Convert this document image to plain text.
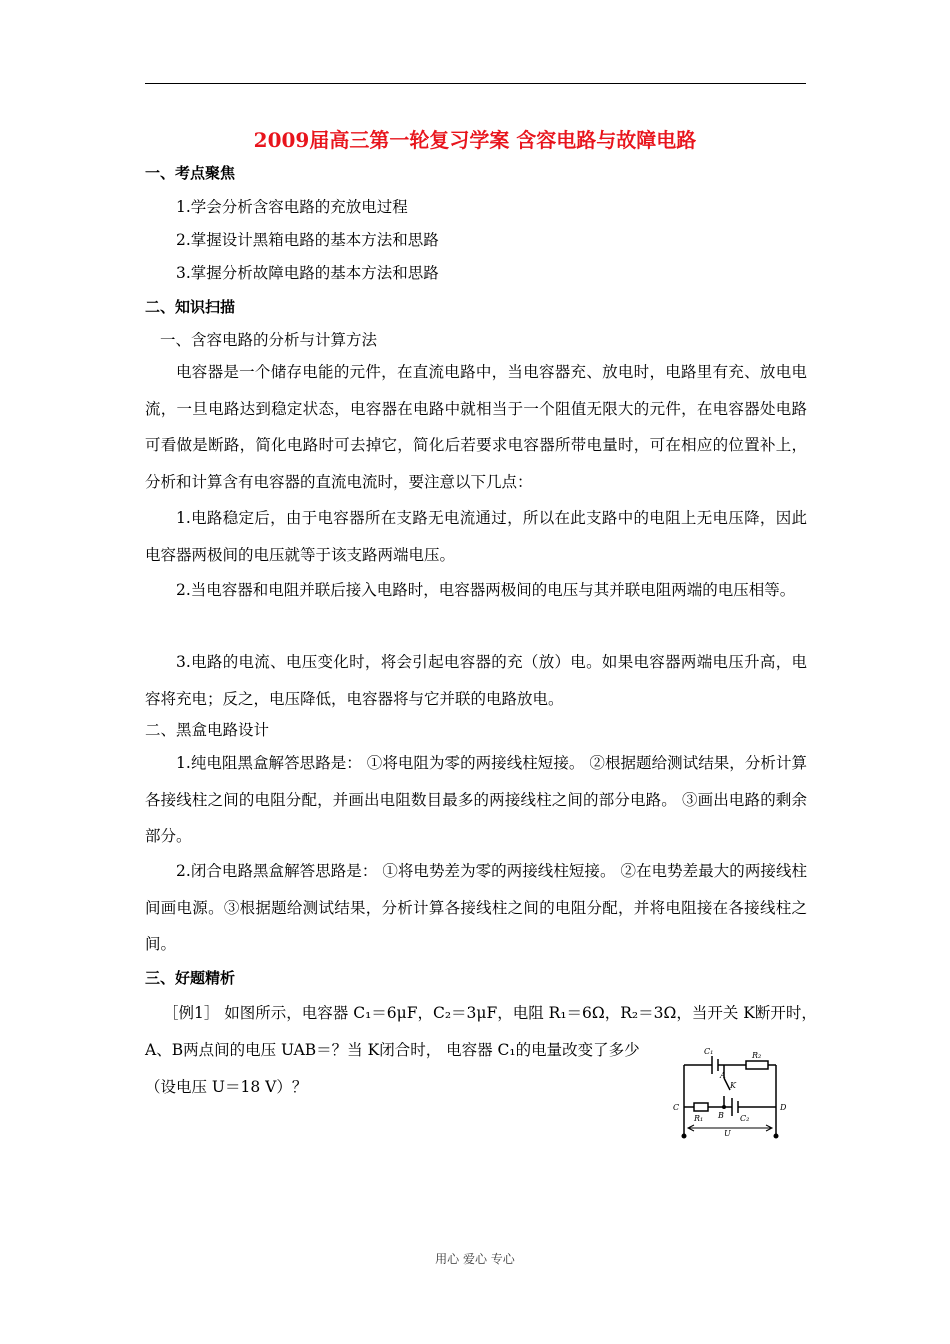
2009届高三第一轮复习学案 含容电路与故障电路
一、考点聚焦
1.学会分析含容电路的充放电过程
2.掌握设计黑箱电路的基本方法和思路
3.掌握分析故障电路的基本方法和思路
二、知识扫描
一、含容电路的分析与计算方法
电容器是一个储存电能的元件，在直流电路中，当电容器充、放电时，电路里有充、放电电流，一旦电路达到稳定状态，电容器在电路中就相当于一个阻值无限大的元件，在电容器处电路可看做是断路，简化电路时可去掉它，简化后若要求电容器所带电量时，可在相应的位置补上，分析和计算含有电容器的直流电流时，要注意以下几点：
1.电路稳定后，由于电容器所在支路无电流通过，所以在此支路中的电阻上无电压降，因此电容器两极间的电压就等于该支路两端电压。
2.当电容器和电阻并联后接入电路时，电容器两极间的电压与其并联电阻两端的电压相等。
3.电路的电流、电压变化时，将会引起电容器的充（放）电。如果电容器两端电压升高，电容将充电；反之，电压降低，电容器将与它并联的电路放电。
二、黑盒电路设计
1.纯电阻黑盒解答思路是： ①将电阻为零的两接线柱短接。 ②根据题给测试结果，分析计算各接线柱之间的电阻分配，并画出电阻数目最多的两接线柱之间的部分电路。 ③画出电路的剩余部分。
2.闭合电路黑盒解答思路是： ①将电势差为零的两接线柱短接。 ②在电势差最大的两接线柱间画电源。③根据题给测试结果，分析计算各接线柱之间的电阻分配，并将电阻接在各接线柱之间。
三、好题精析
［例1］ 如图所示，电容器 C₁＝6μF，C₂＝3μF，电阻 R₁＝6Ω，R₂＝3Ω，当开关 K断开时，
A、B两点间的电压 UAB＝？当 K闭合时， 电容器 C₁的电量改变了多少
（设电压 U＝18 V）？
C₁
A
R₂
K
C
R₁ B C₂
D
U
用心 爱心 专心
